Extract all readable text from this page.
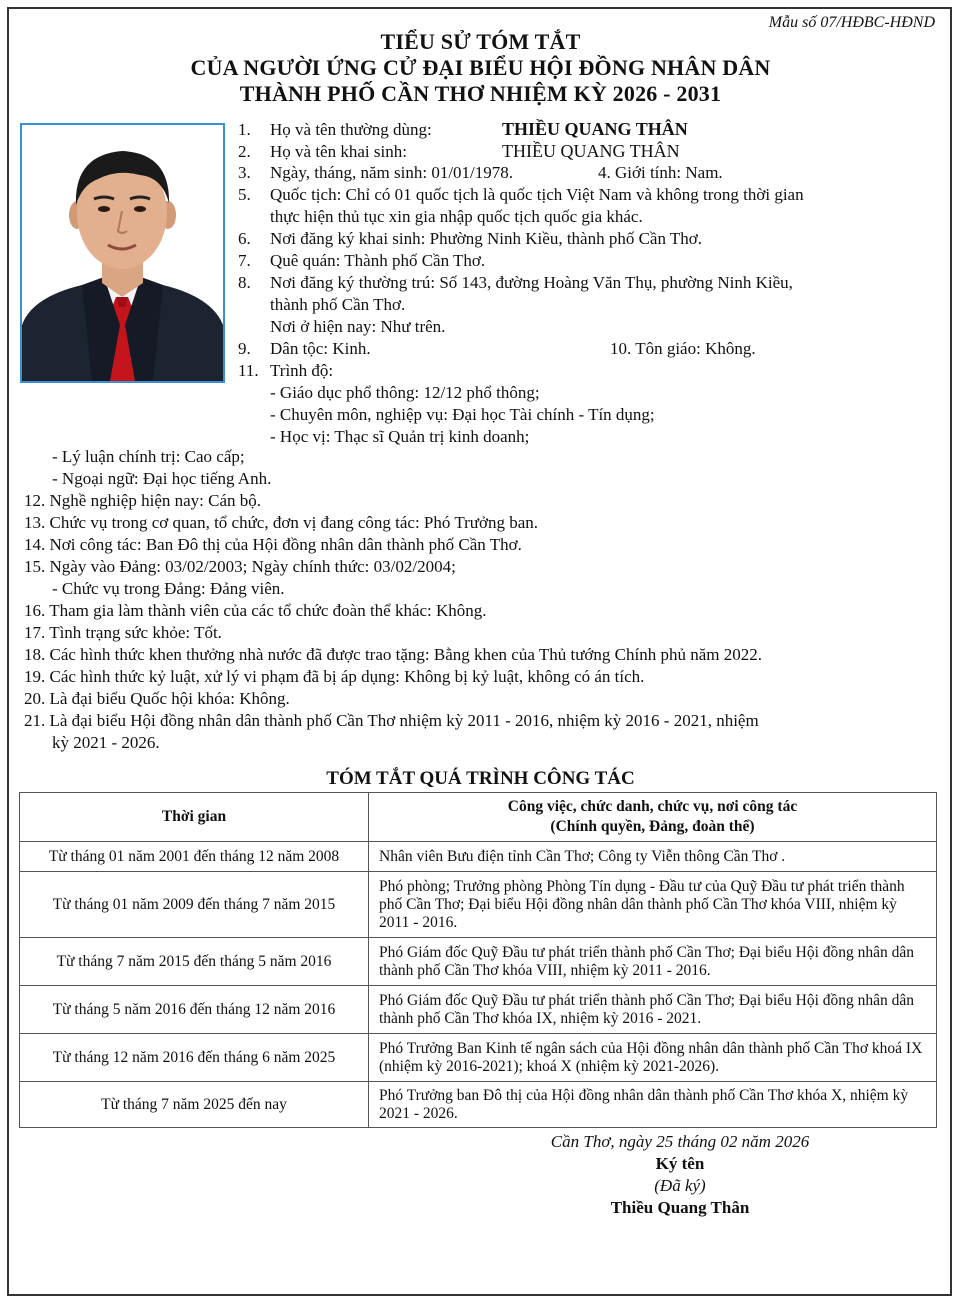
Mẫu số 07/HĐBC-HĐND
TIỂU SỬ TÓM TẮT
CỦA NGƯỜI ỨNG CỬ ĐẠI BIỂU HỘI ĐỒNG NHÂN DÂN
THÀNH PHỐ CẦN THƠ NHIỆM KỲ 2026 - 2031
1. Họ và tên thường dùng:	THIỀU QUANG THÂN
2. Họ và tên khai sinh:	THIỀU QUANG THÂN
3. Ngày, tháng, năm sinh: 01/01/1978.	4. Giới tính: Nam.
5. Quốc tịch: Chỉ có 01 quốc tịch là quốc tịch Việt Nam và không trong thời gian
thực hiện thủ tục xin gia nhập quốc tịch quốc gia khác.
6. Nơi đăng ký khai sinh: Phường Ninh Kiều, thành phố Cần Thơ.
7. Quê quán: Thành phố Cần Thơ.
8. Nơi đăng ký thường trú: Số 143, đường Hoàng Văn Thụ, phường Ninh Kiều,
thành phố Cần Thơ.
Nơi ở hiện nay: Như trên.
9. Dân tộc: Kinh.	10. Tôn giáo: Không.
11. Trình độ:
- Giáo dục phổ thông: 12/12 phổ thông;
- Chuyên môn, nghiệp vụ: Đại học Tài chính - Tín dụng;
- Học vị: Thạc sĩ Quản trị kinh doanh;
- Lý luận chính trị: Cao cấp;
- Ngoại ngữ: Đại học tiếng Anh.
12. Nghề nghiệp hiện nay: Cán bộ.
13. Chức vụ trong cơ quan, tổ chức, đơn vị đang công tác: Phó Trưởng ban.
14. Nơi công tác: Ban Đô thị của Hội đồng nhân dân thành phố Cần Thơ.
15. Ngày vào Đảng: 03/02/2003; Ngày chính thức: 03/02/2004;
- Chức vụ trong Đảng: Đảng viên.
16. Tham gia làm thành viên của các tổ chức đoàn thể khác: Không.
17. Tình trạng sức khỏe: Tốt.
18. Các hình thức khen thưởng nhà nước đã được trao tặng: Bằng khen của Thủ tướng Chính phủ năm 2022.
19. Các hình thức kỷ luật, xử lý vi phạm đã bị áp dụng: Không bị kỷ luật, không có án tích.
20. Là đại biểu Quốc hội khóa: Không.
21. Là đại biểu Hội đồng nhân dân thành phố Cần Thơ nhiệm kỳ 2011 - 2016, nhiệm kỳ 2016 - 2021, nhiệm
kỳ 2021 - 2026.
TÓM TẮT QUÁ TRÌNH CÔNG TÁC
Thời gian	Công việc, chức danh, chức vụ, nơi công tác
(Chính quyền, Đảng, đoàn thể)
Từ tháng 01 năm 2001 đến tháng 12 năm 2008	Nhân viên Bưu điện tỉnh Cần Thơ; Công ty Viễn thông Cần Thơ .
Từ tháng 01 năm 2009 đến tháng 7 năm 2015	Phó phòng; Trưởng phòng Phòng Tín dụng - Đầu tư của Quỹ Đầu tư phát triển thành phố Cần Thơ; Đại biểu Hội đồng nhân dân thành phố Cần Thơ khóa VIII, nhiệm kỳ 2011 - 2016.
Từ tháng 7 năm 2015 đến tháng 5 năm 2016	Phó Giám đốc Quỹ Đầu tư phát triển thành phố Cần Thơ; Đại biểu Hội đồng nhân dân thành phố Cần Thơ khóa VIII, nhiệm kỳ 2011 - 2016.
Từ tháng 5 năm 2016 đến tháng 12 năm 2016	Phó Giám đốc Quỹ Đầu tư phát triển thành phố Cần Thơ; Đại biểu Hội đồng nhân dân thành phố Cần Thơ khóa IX, nhiệm kỳ 2016 - 2021.
Từ tháng 12 năm 2016 đến tháng 6 năm 2025	Phó Trưởng Ban Kinh tế ngân sách của Hội đồng nhân dân thành phố Cần Thơ khoá IX (nhiệm kỳ 2016-2021); khoá X (nhiệm kỳ 2021-2026).
Từ tháng 7 năm 2025 đến nay	Phó Trưởng ban Đô thị của Hội đồng nhân dân thành phố Cần Thơ khóa X, nhiệm kỳ 2021 - 2026.
Cần Thơ, ngày 25 tháng 02 năm 2026
Ký tên
(Đã ký)
Thiều Quang Thân
